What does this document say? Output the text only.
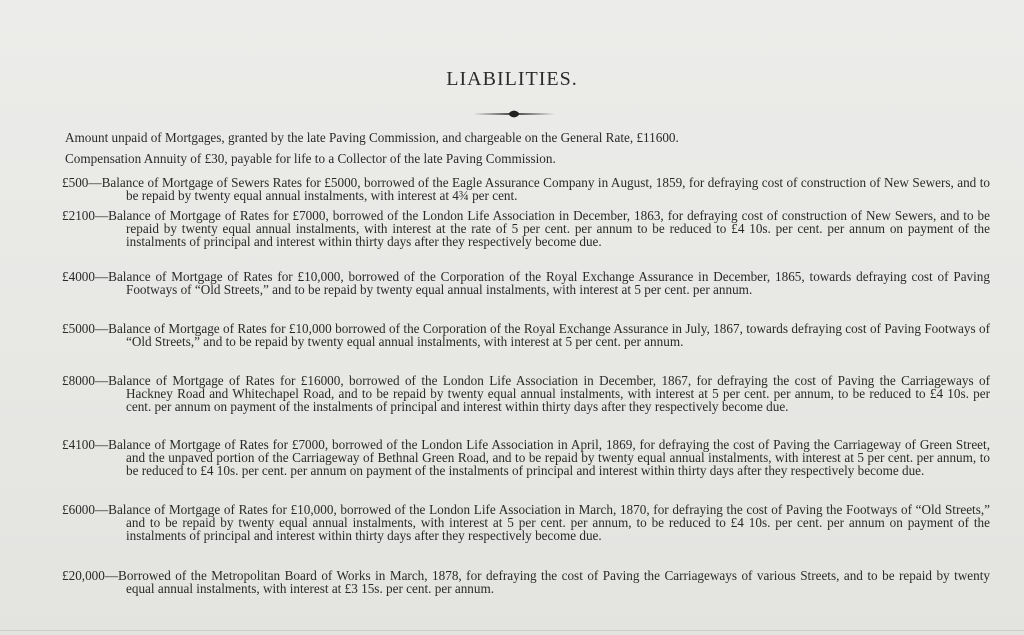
LIABILITIES.
Amount unpaid of Mortgages, granted by the late Paving Commission, and chargeable on the General Rate, £11600.
Compensation Annuity of £30, payable for life to a Collector of the late Paving Commission.

£500—Balance of Mortgage of Sewers Rates for £5000, borrowed of the Eagle Assurance Company in August, 1859, for defraying cost of construction of New Sewers, and to be repaid by twenty equal annual instalments, with interest at 4¾ per cent.

£2100—Balance of Mortgage of Rates for £7000, borrowed of the London Life Association in December, 1863, for defraying cost of construction of New Sewers, and to be repaid by twenty equal annual instalments, with interest at the rate of 5 per cent. per annum to be reduced to £4 10s. per cent. per annum on payment of the instalments of principal and interest within thirty days after they respectively become due.

£4000—Balance of Mortgage of Rates for £10,000, borrowed of the Corporation of the Royal Exchange Assurance in December, 1865, towards defraying cost of Paving Footways of “Old Streets,” and to be repaid by twenty equal annual instalments, with interest at 5 per cent. per annum.

£5000—Balance of Mortgage of Rates for £10,000 borrowed of the Corporation of the Royal Exchange Assurance in July, 1867, towards defraying cost of Paving Footways of “Old Streets,” and to be repaid by twenty equal annual instalments, with interest at 5 per cent. per annum.

£8000—Balance of Mortgage of Rates for £16000, borrowed of the London Life Association in December, 1867, for defraying the cost of Paving the Carriageways of Hackney Road and Whitechapel Road, and to be repaid by twenty equal annual instalments, with interest at 5 per cent. per annum, to be reduced to £4 10s. per cent. per annum on payment of the instalments of principal and interest within thirty days after they respectively become due.

£4100—Balance of Mortgage of Rates for £7000, borrowed of the London Life Association in April, 1869, for defraying the cost of Paving the Carriageway of Green Street, and the unpaved portion of the Carriageway of Bethnal Green Road, and to be repaid by twenty equal annual instalments, with interest at 5 per cent. per annum, to be reduced to £4 10s. per cent. per annum on payment of the instalments of principal and interest within thirty days after they respectively become due.

£6000—Balance of Mortgage of Rates for £10,000, borrowed of the London Life Association in March, 1870, for defraying the cost of Paving the Footways of “Old Streets,” and to be repaid by twenty equal annual instalments, with interest at 5 per cent. per annum, to be reduced to £4 10s. per cent. per annum on payment of the instalments of principal and interest within thirty days after they respectively become due.

£20,000—Borrowed of the Metropolitan Board of Works in March, 1878, for defraying the cost of Paving the Carriageways of various Streets, and to be repaid by twenty equal annual instalments, with interest at £3 15s. per cent. per annum.
